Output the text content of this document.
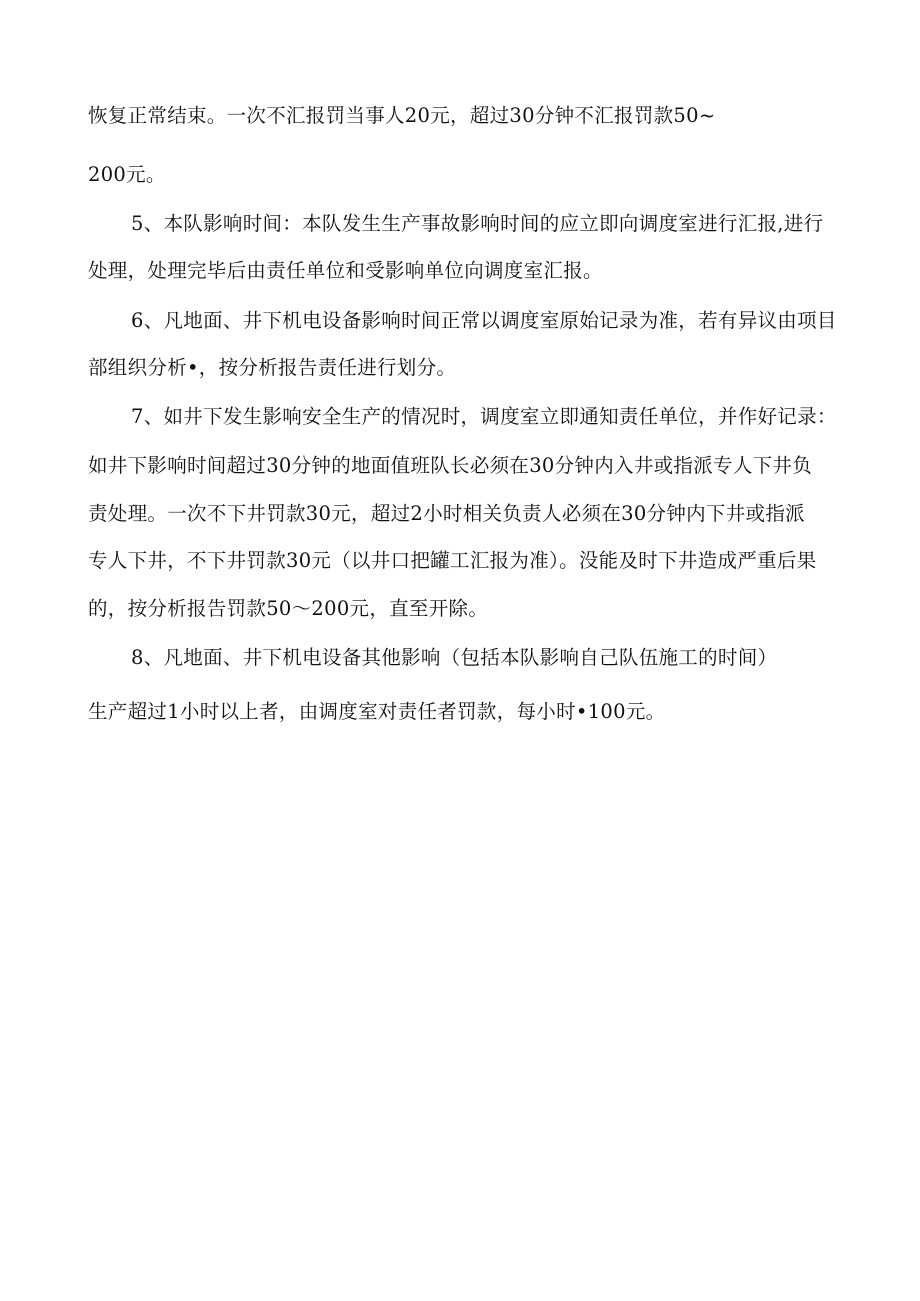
恢复正常结束。一次不汇报罚当事人20元，超过30分钟不汇报罚款50~
200元。
5、本队影响时间：本队发生生产事故影响时间的应立即向调度室进行汇报,进行
处理，处理完毕后由责任单位和受影响单位向调度室汇报。
6、凡地面、井下机电设备影响时间正常以调度室原始记录为准，若有异议由项目
部组织分析•，按分析报告责任进行划分。
7、如井下发生影响安全生产的情况时，调度室立即通知责任单位，并作好记录：
如井下影响时间超过30分钟的地面值班队长必须在30分钟内入井或指派专人下井负
责处理。一次不下井罚款30元，超过2小时相关负责人必须在30分钟内下井或指派
专人下井，不下井罚款30元（以井口把罐工汇报为准）。没能及时下井造成严重后果
的，按分析报告罚款50～200元，直至开除。
8、凡地面、井下机电设备其他影响（包括本队影响自己队伍施工的时间）
生产超过1小时以上者，由调度室对责任者罚款，每小时•100元。
